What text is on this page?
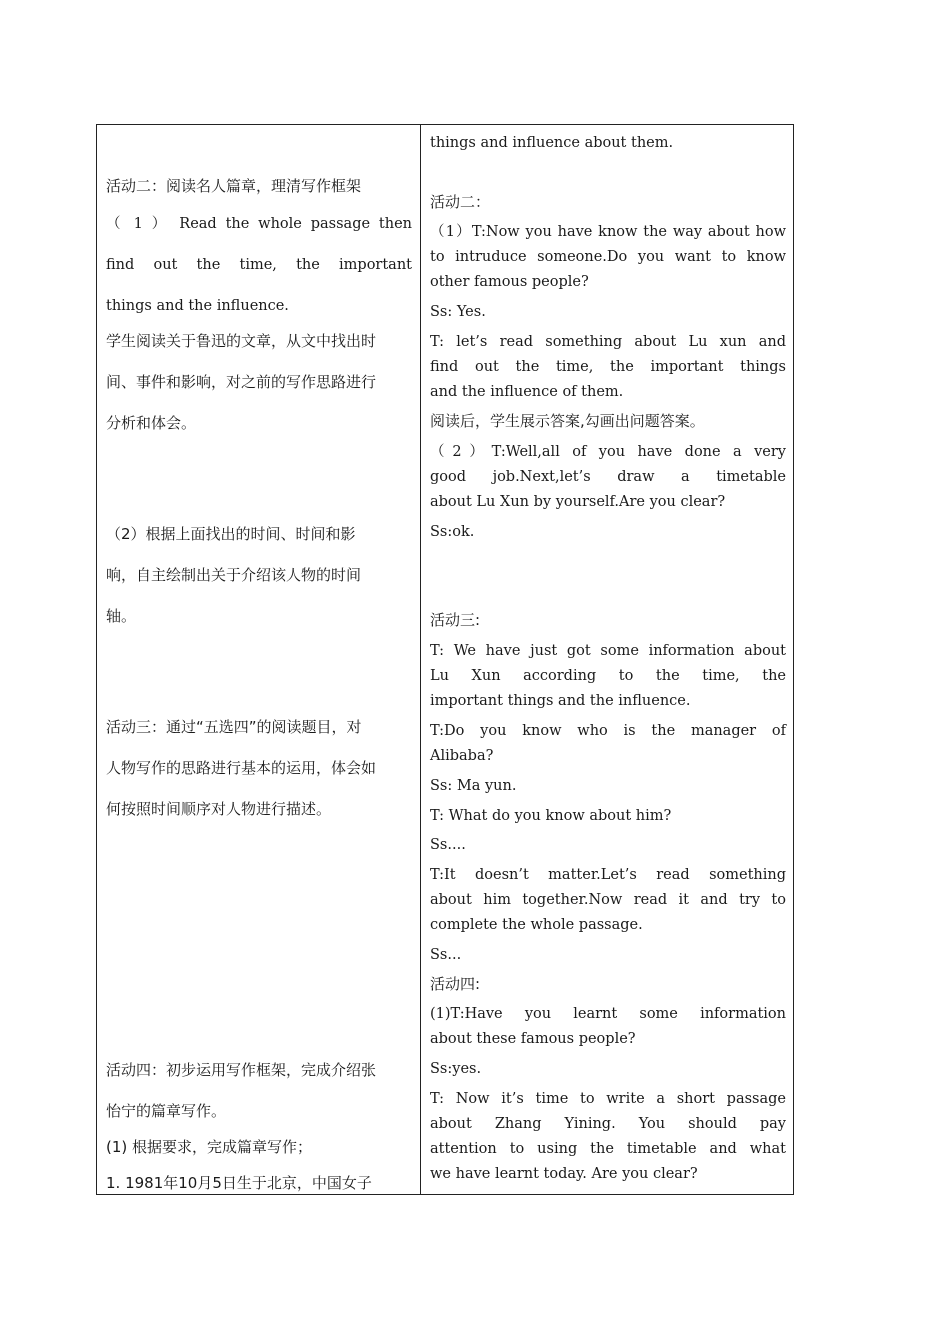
活动二：阅读名人篇章，理清写作框架
（ 1 ） Read the whole passage then
find out the time, the important
things and the influence.
学生阅读关于鲁迅的文章，从文中找出时
间、事件和影响，对之前的写作思路进行
分析和体会。
（2）根据上面找出的时间、时间和影
响，自主绘制出关于介绍该人物的时间
轴。
活动三：通过“五选四”的阅读题目，对
人物写作的思路进行基本的运用，体会如
何按照时间顺序对人物进行描述。
活动四：初步运用写作框架，完成介绍张
怡宁的篇章写作。
(1) 根据要求，完成篇章写作；
1. 1981年10月5日生于北京，中国女子
things and influence about them.
活动二：
（1）T:Now you have know the way about how
to intruduce someone.Do you want to know
other famous people?
Ss: Yes.
T: let’s read something about Lu xun and
find out the time, the important things
and the influence of them.
阅读后，学生展示答案,勾画出问题答案。
（2）T:Well,all of you have done a very
good job.Next,let’s draw a timetable
about Lu Xun by yourself.Are you clear?
Ss:ok.
活动三:
T: We have just got some information about
Lu Xun according to the time, the
important things and the influence.
T:Do you know who is the manager of
Alibaba?
Ss: Ma yun.
T: What do you know about him?
Ss....
T:It doesn’t matter.Let’s read something
about him together.Now read it and try to
complete the whole passage.
Ss...
活动四:
(1)T:Have you learnt some information
about these famous people?
Ss:yes.
T: Now it’s time to write a short passage
about Zhang Yining. You should pay
attention to using the timetable and what
we have learnt today. Are you clear?
